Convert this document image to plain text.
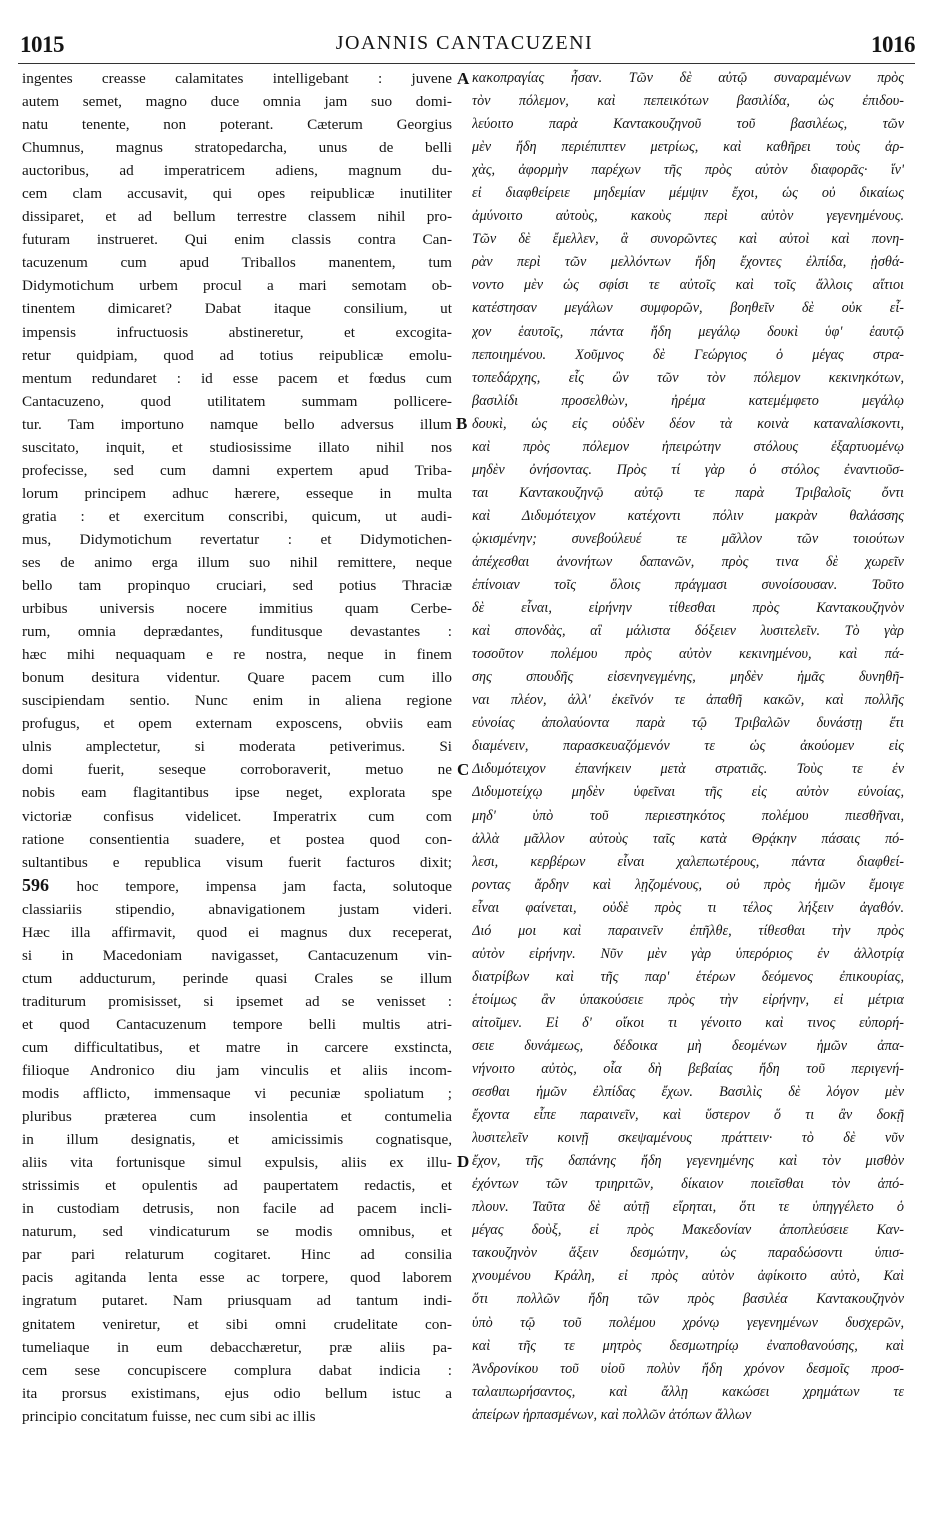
1015	JOANNIS CANTACUZENI	1016
ingentes creasse calamitates intelligebant : juvene
autem semet, magno duce omnia jam suo domi-
natu tenente, non poterant. Cæterum Georgius
Chumnus, magnus stratopedarcha, unus de belli
auctoribus, ad imperatricem adiens, magnum du-
cem clam accusavit, qui opes reipublicæ inutiliter
dissiparet, et ad bellum terrestre classem nihil pro-
futuram instrueret. Qui enim classis contra Can-
tacuzenum cum apud Triballos manentem, tum
Didymotichum urbem procul a mari semotam ob-
tinentem dimicaret? Dabat itaque consilium, ut
impensis infructuosis abstineretur, et excogita-
retur quidpiam, quod ad totius reipublicæ emolu-
mentum redundaret : id esse pacem et fœdus cum
Cantacuzeno, quod utilitatem summam pollicere-
tur. Tam importuno namque bello adversus illum
suscitato, inquit, et studiosissime illato nihil nos
profecisse, sed cum damni expertem apud Triba-
lorum principem adhuc hærere, esseque in multa
gratia : et exercitum conscribi, quicum, ut audi-
mus, Didymotichum revertatur : et Didymotichen-
ses de animo erga illum suo nihil remittere, neque
bello tam propinquo cruciari, sed potius Thraciæ
urbibus universis nocere immitius quam Cerbe-
rum, omnia deprædantes, funditusque devastantes :
hæc mihi nequaquam e re nostra, neque in finem
bonum desitura videntur. Quare pacem cum illo
suscipiendam sentio. Nunc enim in aliena regione
profugus, et opem externam exposcens, obviis eam
ulnis amplectetur, si moderata petiverimus. Si
domi fuerit, seseque corroboraverit, metuo ne
nobis eam flagitantibus ipse neget, explorata spe
victoriæ confisus videlicet. Imperatrix cum com
ratione consentientia suadere, et postea quod con-
sultantibus e republica visum fuerit facturos dixit;
596 hoc tempore, impensa jam facta, solutoque
classiariis stipendio, abnavigationem justam videri.
Hæc illa affirmavit, quod ei magnus dux receperat,
si in Macedoniam navigasset, Cantacuzenum vin-
ctum adducturum, perinde quasi Crales se illum
traditurum promisisset, si ipsemet ad se venisset :
et quod Cantacuzenum tempore belli multis atri-
cum difficultatibus, et matre in carcere exstincta,
filioque Andronico diu jam vinculis et aliis incom-
modis afflicto, immensaque vi pecuniæ spoliatum ;
pluribus præterea cum insolentia et contumelia
in illum designatis, et amicissimis cognatisque,
aliis vita fortunisque simul expulsis, aliis ex illu-
strissimis et opulentis ad paupertatem redactis, et
in custodiam detrusis, non facile ad pacem incli-
naturum, sed vindicaturum se modis omnibus, et
par pari relaturum cogitaret. Hinc ad consilia
pacis agitanda lenta esse ac torpere, quod laborem
ingratum putaret. Nam priusquam ad tantum indi-
gnitatem veniretur, et sibi omni crudelitate con-
tumeliaque in eum debacchæretur, præ aliis pa-
cem sese concupiscere complura dabat indicia :
ita prorsus existimans, ejus odio bellum istuc a
principio concitatum fuisse, nec cum sibi ac illis
κακοπραγίας ἦσαν. Τῶν δὲ αὐτῷ συναραμένων πρὸς
τὸν πόλεμον, καὶ πεπεικότων βασιλίδα, ὡς ἐπιδου-
λεύοιτο παρὰ Καντακουζηνοῦ τοῦ βασιλέως, τῶν
μὲν ἤδη περιέπιπτεν μετρίως, καὶ καθῆρει τοὺς ἀρ-
χὰς, ἀφορμὴν παρέχων τῆς πρὸς αὐτὸν διαφορᾶς· ἵν'
εἰ διαφθείρειε μηδεμίαν μέμψιν ἔχοι, ὡς οὐ δικαίως
ἀμύνοιτο αὐτοὺς, κακοὺς περὶ αὐτὸν γεγενημένους.
Τῶν δὲ ἔμελλεν, ἃ συνορῶντες καὶ αὐτοὶ καὶ πονη-
ρὰν περὶ τῶν μελλόντων ἤδη ἔχοντες ἐλπίδα, ᾐσθά-
νοντο μὲν ὡς σφίσι τε αὐτοῖς καὶ τοῖς ἄλλοις αἴτιοι
κατέστησαν μεγάλων συμφορῶν, βοηθεῖν δὲ οὐκ εἶ-
χον ἑαυτοῖς, πάντα ἤδη μεγάλῳ δουκὶ ὑφ' ἑαυτῷ
πεποιημένου. Χοῦμνος δὲ Γεώργιος ὁ μέγας στρα-
τοπεδάρχης, εἷς ὢν τῶν τὸν πόλεμον κεκινηκότων,
βασιλίδι προσελθὼν, ἠρέμα κατεμέμφετο μεγάλῳ
δουκὶ, ὡς εἰς οὐδὲν δέον τὰ κοινὰ καταναλίσκοντι,
καὶ πρὸς πόλεμον ἠπειρώτην στόλους ἐξαρτυομένῳ
μηδὲν ὀνήσοντας. Πρὸς τί γὰρ ὁ στόλος ἐναντιοῦσ-
ται Καντακουζηνῷ αὐτῷ τε παρὰ Τριβαλοῖς ὄντι
καὶ Διδυμότειχον κατέχοντι πόλιν μακρὰν θαλάσσης
ᾠκισμένην; συνεβούλευέ τε μᾶλλον τῶν τοιούτων
ἀπέχεσθαι ἀνονήτων δαπανῶν, πρὸς τινα δὲ χωρεῖν
ἐπίνοιαν τοῖς ὅλοις πράγμασι συνοίσουσαν. Τοῦτο
δὲ εἶναι, εἰρήνην τίθεσθαι πρὸς Καντακουζηνὸν
καὶ σπονδὰς, αἳ μάλιστα δόξειεν λυσιτελεῖν. Τὸ γὰρ
τοσοῦτον πολέμου πρὸς αὐτὸν κεκινημένου, καὶ πά-
σης σπουδῆς εἰσενηνεγμένης, μηδὲν ἡμᾶς δυνηθῆ-
ναι πλέον, ἀλλ' ἐκεῖνόν τε ἀπαθῆ κακῶν, καὶ πολλῆς
εὐνοίας ἀπολαύοντα παρὰ τῷ Τριβαλῶν δυνάστῃ ἔτι
διαμένειν, παρασκευαζόμενόν τε ὡς ἀκούομεν εἰς
Διδυμότειχον ἐπανήκειν μετὰ στρατιᾶς. Τοὺς τε ἐν
Διδυμοτείχῳ μηδὲν ὑφεῖναι τῆς εἰς αὐτὸν εὐνοίας,
μηδ' ὑπὸ τοῦ περιεστηκότος πολέμου πιεσθῆναι,
ἀλλὰ μᾶλλον αὐτοὺς ταῖς κατὰ Θρᾴκην πάσαις πό-
λεσι, κερβέρων εἶναι χαλεπωτέρους, πάντα διαφθεί-
ροντας ἄρδην καὶ λῃζομένους, οὐ πρὸς ἡμῶν ἔμοιγε
εἶναι φαίνεται, οὐδὲ πρὸς τι τέλος λήξειν ἀγαθόν.
Διό μοι καὶ παραινεῖν ἐπῆλθε, τίθεσθαι τὴν πρὸς
αὐτὸν εἰρήνην. Νῦν μὲν γὰρ ὑπερόριος ἐν ἀλλοτρίᾳ
διατρίβων καὶ τῆς παρ' ἑτέρων δεόμενος ἐπικουρίας,
ἑτοίμως ἂν ὑπακούσειε πρὸς τὴν εἰρήνην, εἰ μέτρια
αἰτοῖμεν. Εἰ δ' οἴκοι τι γένοιτο καὶ τινος εὐπορή-
σειε δυνάμεως, δέδοικα μὴ δεομένων ἡμῶν ἀπα-
νήνοιτο αὐτὸς, οἷα δὴ βεβαίας ἤδη τοῦ περιγενή-
σεσθαι ἡμῶν ἐλπίδας ἔχων. Βασιλὶς δὲ λόγον μὲν
ἔχοντα εἶπε παραινεῖν, καὶ ὕστερον ὅ τι ἂν δοκῇ
λυσιτελεῖν κοινῇ σκεψαμένους πράττειν· τὸ δὲ νῦν
ἔχον, τῆς δαπάνης ἤδη γεγενημένης καὶ τὸν μισθὸν
ἐχόντων τῶν τριηριτῶν, δίκαιον ποιεῖσθαι τὸν ἀπό-
πλουν. Ταῦτα δὲ αὐτῇ εἴρηται, ὅτι τε ὑπηγγέλετο ὁ
μέγας δοὺξ, εἰ πρὸς Μακεδονίαν ἀποπλεύσειε Καν-
τακουζηνὸν ἄξειν δεσμώτην, ὡς παραδώσοντι ὑπισ-
χνουμένου Κράλη, εἰ πρὸς αὐτὸν ἀφίκοιτο αὐτὸ, Καὶ
ὅτι πολλῶν ἤδη τῶν πρὸς βασιλέα Καντακουζηνὸν
ὑπὸ τῷ τοῦ πολέμου χρόνῳ γεγενημένων δυσχερῶν,
καὶ τῆς τε μητρὸς δεσμωτηρίῳ ἐναποθανούσης, καὶ
Ἀνδρονίκου τοῦ υἱοῦ πολὺν ἤδη χρόνον δεσμοῖς προσ-
ταλαιπωρήσαντος, καὶ ἄλλῃ κακώσει χρημάτων τε
ἀπείρων ἡρπασμένων, καὶ πολλῶν ἀτόπων ἄλλων
A
B
C
D
